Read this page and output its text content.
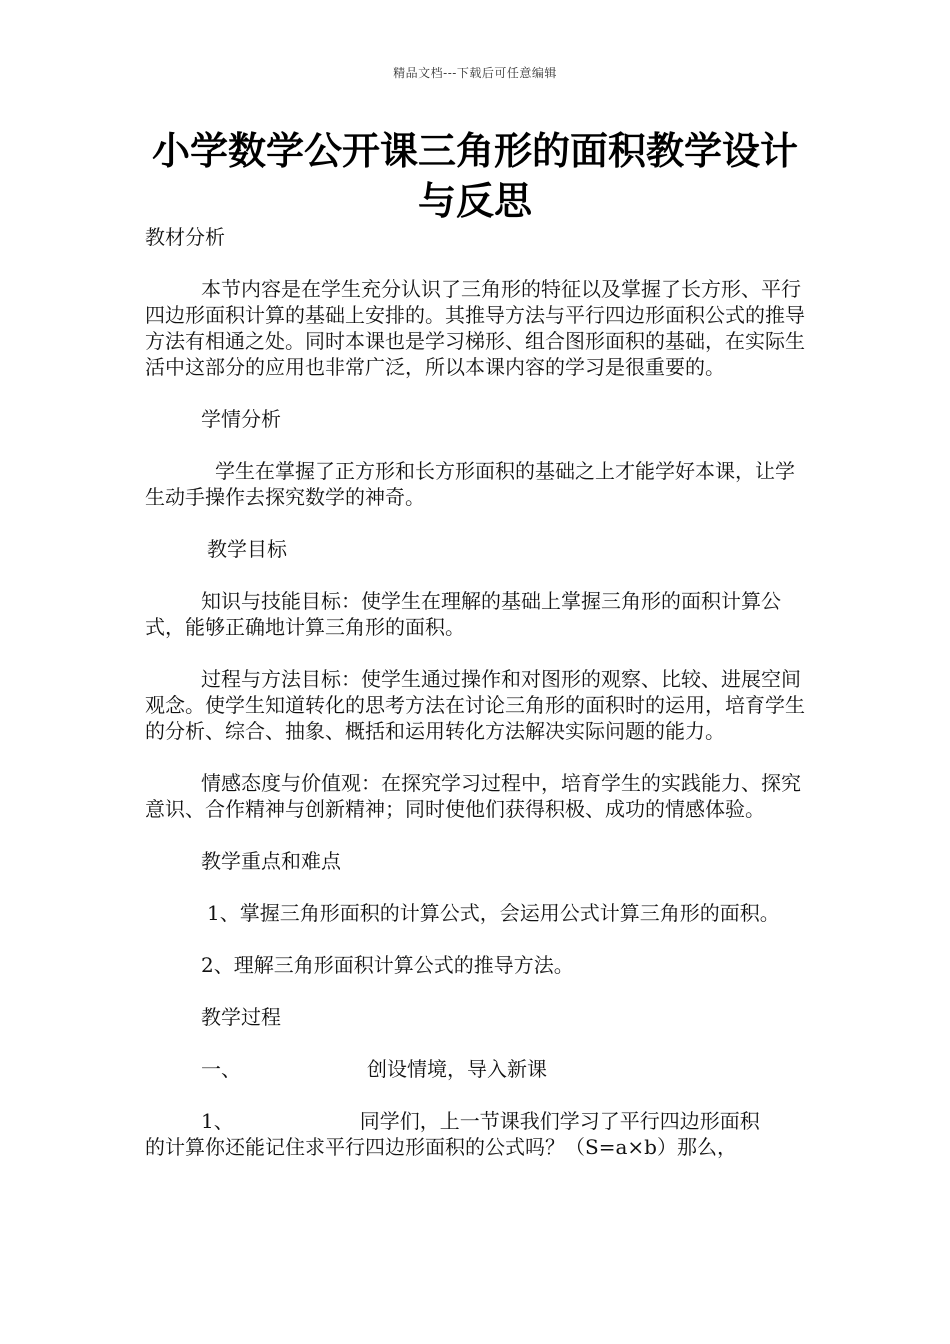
精品文档---下载后可任意编辑
小学数学公开课三角形的面积教学设计
与反思

教材分析

本节内容是在学生充分认识了三角形的特征以及掌握了长方形、平行四边形面积计算的基础上安排的。其推导方法与平行四边形面积公式的推导方法有相通之处。同时本课也是学习梯形、组合图形面积的基础，在实际生活中这部分的应用也非常广泛，所以本课内容的学习是很重要的。

学情分析

学生在掌握了正方形和长方形面积的基础之上才能学好本课，让学生动手操作去探究数学的神奇。

教学目标

知识与技能目标：使学生在理解的基础上掌握三角形的面积计算公式，能够正确地计算三角形的面积。

过程与方法目标：使学生通过操作和对图形的观察、比较、进展空间观念。使学生知道转化的思考方法在讨论三角形的面积时的运用，培育学生的分析、综合、抽象、概括和运用转化方法解决实际问题的能力。

情感态度与价值观：在探究学习过程中，培育学生的实践能力、探究意识、合作精神与创新精神；同时使他们获得积极、成功的情感体验。

教学重点和难点

1、掌握三角形面积的计算公式，会运用公式计算三角形的面积。

2、理解三角形面积计算公式的推导方法。

教学过程

一、	创设情境，导入新课

1、	同学们，上一节课我们学习了平行四边形面积

的计算你还能记住求平行四边形面积的公式吗？（S=a×b）那么，
